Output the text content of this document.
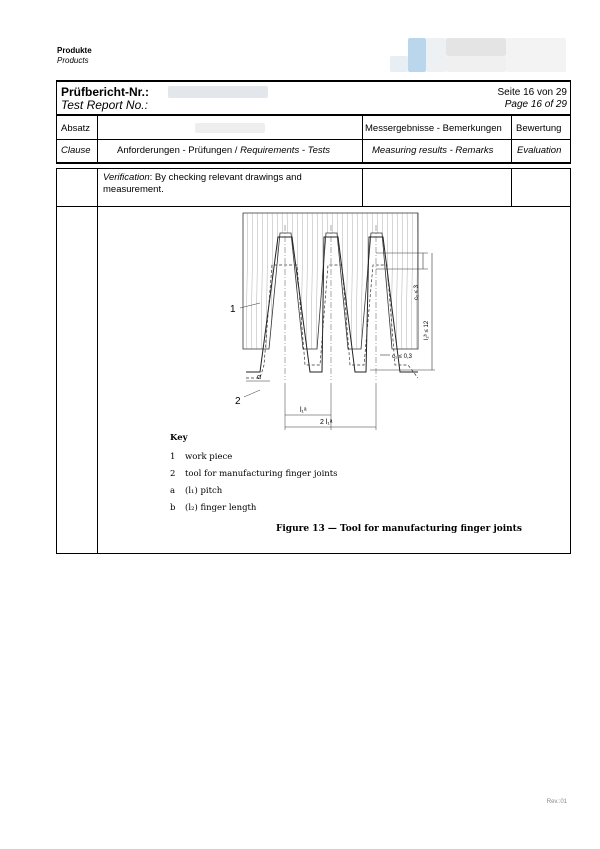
Produkte
Products
Prüfbericht-Nr.:
Test Report No.:
Seite 16 von 29
Page 16 of 29
Absatz
Clause	Anforderungen - Prüfungen / Requirements - Tests
Messergebnisse - Bemerkungen
Measuring results - Remarks
Bewertung
Evaluation
Verification: By checking relevant drawings and
measurement.
1
2
c₁ ≤ 3
l₂ᵇ ≤ 12
c₁ ≤ 0,3
α
l₁ᵃ
2 l₁ᵃ
Key
1 work piece
2 tool for manufacturing finger joints
a (l₁) pitch
b (l₂) finger length
Figure 13 — Tool for manufacturing finger joints
Rev.:01
